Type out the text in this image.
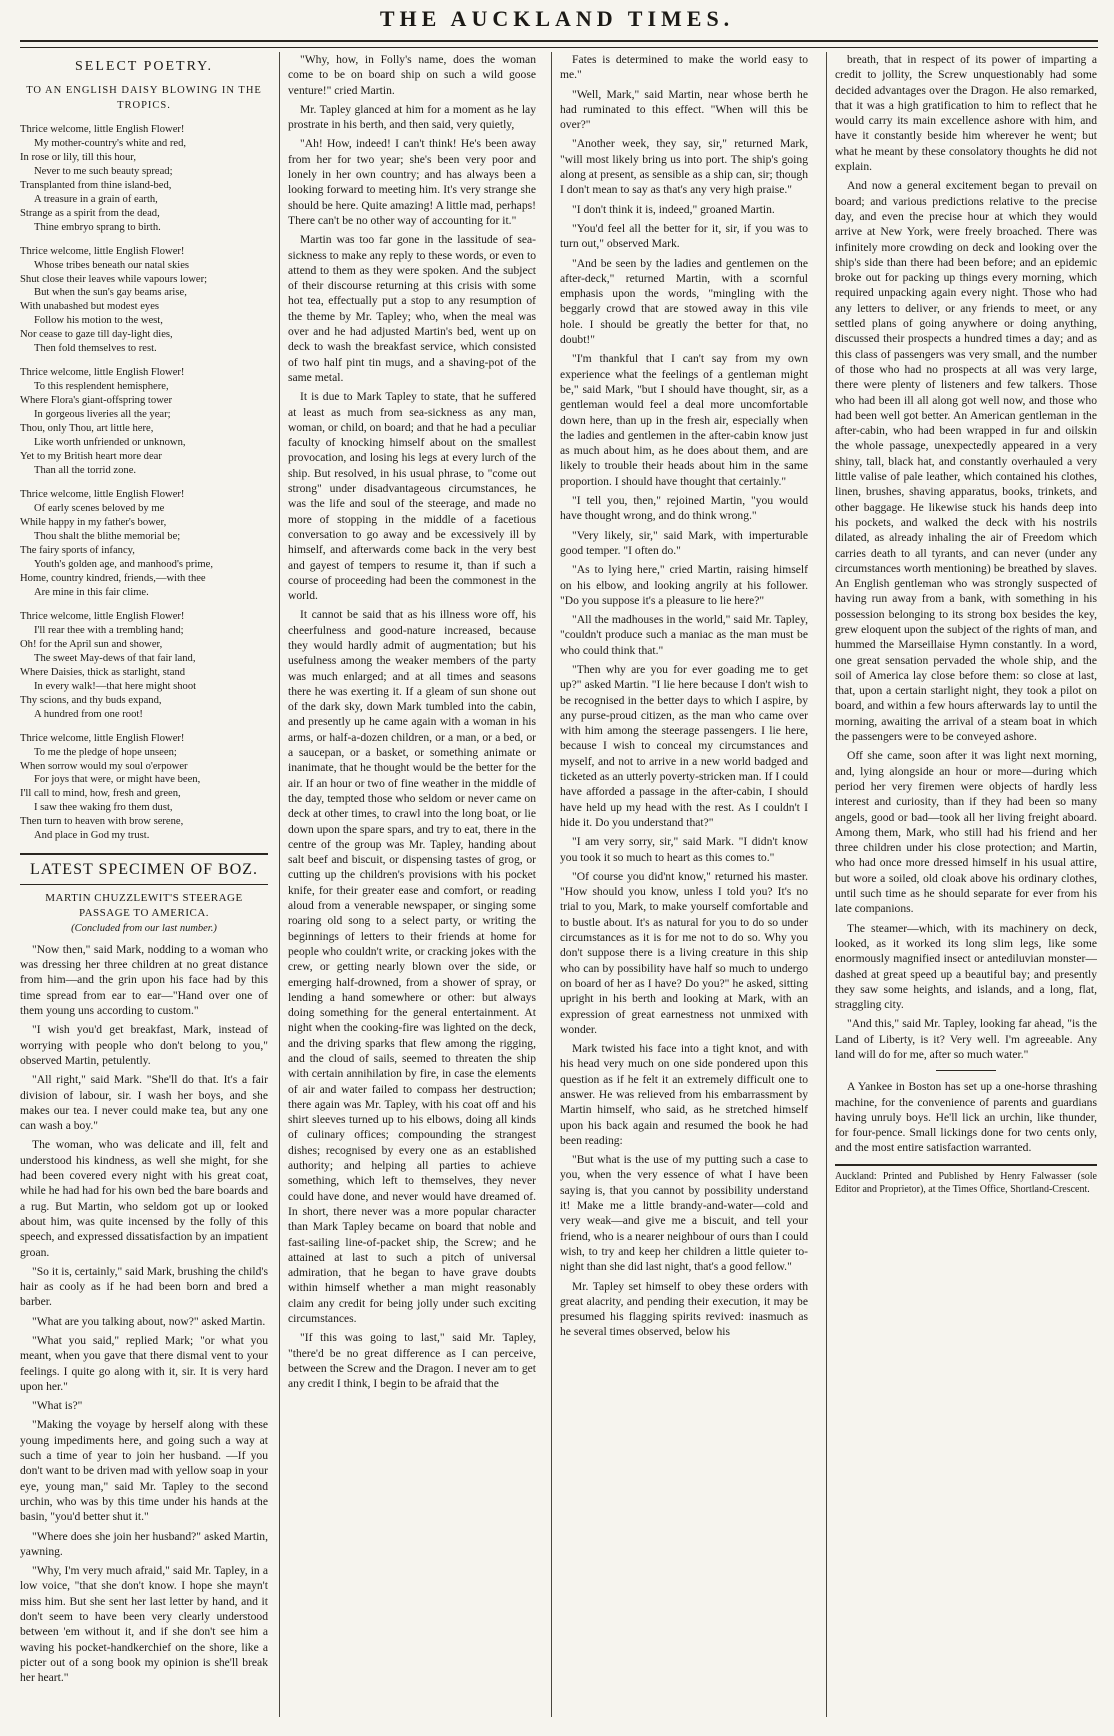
THE AUCKLAND TIMES.
SELECT POETRY.
TO AN ENGLISH DAISY BLOWING IN THE TROPICS.
Thrice welcome, little English Flower!
My mother-country's white and red,
In rose or lily, till this hour,
Never to me such beauty spread;
Transplanted from thine island-bed,
A treasure in a grain of earth,
Strange as a spirit from the dead,
Thine embryo sprang to birth.
Thrice welcome, little English Flower!
Whose tribes beneath our natal skies
Shut close their leaves while vapours lower;
But when the sun's gay beams arise,
With unabashed but modest eyes
Follow his motion to the west,
Nor cease to gaze till day-light dies,
Then fold themselves to rest.
Thrice welcome, little English Flower!
To this resplendent hemisphere,
Where Flora's giant-offspring tower
In gorgeous liveries all the year;
Thou, only Thou, art little here,
Like worth unfriended or unknown,
Yet to my British heart more dear
Than all the torrid zone.
Thrice welcome, little English Flower!
Of early scenes beloved by me
While happy in my father's bower,
Thou shalt the blithe memorial be;
The fairy sports of infancy,
Youth's golden age, and manhood's prime,
Home, country kindred, friends,—with thee
Are mine in this fair clime.
Thrice welcome, little English Flower!
I'll rear thee with a trembling hand;
Oh! for the April sun and shower,
The sweet May-dews of that fair land,
Where Daisies, thick as starlight, stand
In every walk!—that here might shoot
Thy scions, and thy buds expand,
A hundred from one root!
Thrice welcome, little English Flower!
To me the pledge of hope unseen;
When sorrow would my soul o'erpower
For joys that were, or might have been,
I'll call to mind, how, fresh and green,
I saw thee waking fro them dust,
Then turn to heaven with brow serene,
And place in God my trust.
LATEST SPECIMEN OF BOZ.
MARTIN CHUZZLEWIT'S STEERAGE PASSAGE TO AMERICA.
(Concluded from our last number.)

"Now then," said Mark, nodding to a woman who was dressing her three children at no great distance from him—and the grin upon his face had by this time spread from ear to ear—"Hand over one of them young uns according to custom."

"I wish you'd get breakfast, Mark, instead of worrying with people who don't belong to you," observed Martin, petulently.

"All right," said Mark. "She'll do that. It's a fair division of labour, sir. I wash her boys, and she makes our tea. I never could make tea, but any one can wash a boy."

The woman, who was delicate and ill, felt and understood his kindness, as well she might, for she had been covered every night with his great coat, while he had had for his own bed the bare boards and a rug. But Martin, who seldom got up or looked about him, was quite incensed by the folly of this speech, and expressed dissatisfaction by an impatient groan.

"So it is, certainly," said Mark, brushing the child's hair as cooly as if he had been born and bred a barber.

"What are you talking about, now?" asked Martin.

"What you said," replied Mark; "or what you meant, when you gave that there dismal vent to your feelings. I quite go along with it, sir. It is very hard upon her."

"What is?"

"Making the voyage by herself along with these young impediments here, and going such a way at such a time of year to join her husband. —If you don't want to be driven mad with yellow soap in your eye, young man," said Mr. Tapley to the second urchin, who was by this time under his hands at the basin, "you'd better shut it."

"Where does she join her husband?" asked Martin, yawning.

"Why, I'm very much afraid," said Mr. Tapley, in a low voice, "that she don't know. I hope she mayn't miss him. But she sent her last letter by hand, and it don't seem to have been very clearly understood between 'em without it, and if she don't see him a waving his pocket-handkerchief on the shore, like a picter out of a song book my opinion is she'll break her heart."

"Why, how, in Folly's name, does the woman come to be on board ship on such a wild goose venture!" cried Martin.

Mr. Tapley glanced at him for a moment as he lay prostrate in his berth, and then said, very quietly,

"Ah! How, indeed! I can't think! He's been away from her for two year; she's been very poor and lonely in her own country; and has always been a looking forward to meeting him. It's very strange she should be here. Quite amazing! A little mad, perhaps! There can't be no other way of accounting for it."

Martin was too far gone in the lassitude of sea-sickness to make any reply to these words, or even to attend to them as they were spoken. And the subject of their discourse returning at this crisis with some hot tea, effectually put a stop to any resumption of the theme by Mr. Tapley; who, when the meal was over and he had adjusted Martin's bed, went up on deck to wash the breakfast service, which consisted of two half pint tin mugs, and a shaving-pot of the same metal.

It is due to Mark Tapley to state, that he suffered at least as much from sea-sickness as any man, woman, or child, on board; and that he had a peculiar faculty of knocking himself about on the smallest provocation, and losing his legs at every lurch of the ship. But resolved, in his usual phrase, to "come out strong" under disadvantageous circumstances, he was the life and soul of the steerage, and made no more of stopping in the middle of a facetious conversation to go away and be excessively ill by himself, and afterwards come back in the very best and gayest of tempers to resume it, than if such a course of proceeding had been the commonest in the world.

It cannot be said that as his illness wore off, his cheerfulness and good-nature increased, because they would hardly admit of augmentation; but his usefulness among the weaker members of the party was much enlarged; and at all times and seasons there he was exerting it. If a gleam of sun shone out of the dark sky, down Mark tumbled into the cabin, and presently up he came again with a woman in his arms, or half-a-dozen children, or a man, or a bed, or a saucepan, or a basket, or something animate or inanimate, that he thought would be the better for the air. If an hour or two of fine weather in the middle of the day, tempted those who seldom or never came on deck at other times, to crawl into the long boat, or lie down upon the spare spars, and try to eat, there in the centre of the group was Mr. Tapley, handing about salt beef and biscuit, or dispensing tastes of grog, or cutting up the children's provisions with his pocket knife, for their greater ease and comfort, or reading aloud from a venerable newspaper, or singing some roaring old song to a select party, or writing the beginnings of letters to their friends at home for people who couldn't write, or cracking jokes with the crew, or getting nearly blown over the side, or emerging half-drowned, from a shower of spray, or lending a hand somewhere or other: but always doing something for the general entertainment. At night when the cooking-fire was lighted on the deck, and the driving sparks that flew among the rigging, and the cloud of sails, seemed to threaten the ship with certain annihilation by fire, in case the elements of air and water failed to compass her destruction; there again was Mr. Tapley, with his coat off and his shirt sleeves turned up to his elbows, doing all kinds of culinary offices; compounding the strangest dishes; recognised by every one as an established authority; and helping all parties to achieve something, which left to themselves, they never could have done, and never would have dreamed of. In short, there never was a more popular character than Mark Tapley became on board that noble and fast-sailing line-of-packet ship, the Screw; and he attained at last to such a pitch of universal admiration, that he began to have grave doubts within himself whether a man might reasonably claim any credit for being jolly under such exciting circumstances.

"If this was going to last," said Mr. Tapley, "there'd be no great difference as I can perceive, between the Screw and the Dragon. I never am to get any credit I think, I begin to be afraid that the

Fates is determined to make the world easy to me."

"Well, Mark," said Martin, near whose berth he had ruminated to this effect. "When will this be over?"

"Another week, they say, sir," returned Mark, "will most likely bring us into port. The ship's going along at present, as sensible as a ship can, sir; though I don't mean to say as that's any very high praise."

"I don't think it is, indeed," groaned Martin.

"You'd feel all the better for it, sir, if you was to turn out," observed Mark.

"And be seen by the ladies and gentlemen on the after-deck," returned Martin, with a scornful emphasis upon the words, "mingling with the beggarly crowd that are stowed away in this vile hole. I should be greatly the better for that, no doubt!"

"I'm thankful that I can't say from my own experience what the feelings of a gentleman might be," said Mark, "but I should have thought, sir, as a gentleman would feel a deal more uncomfortable down here, than up in the fresh air, especially when the ladies and gentlemen in the after-cabin know just as much about him, as he does about them, and are likely to trouble their heads about him in the same proportion. I should have thought that certainly."

"I tell you, then," rejoined Martin, "you would have thought wrong, and do think wrong."

"Very likely, sir," said Mark, with imperturable good temper. "I often do."

"As to lying here," cried Martin, raising himself on his elbow, and looking angrily at his follower. "Do you suppose it's a pleasure to lie here?"

"All the madhouses in the world," said Mr. Tapley, "couldn't produce such a maniac as the man must be who could think that."

"Then why are you for ever goading me to get up?" asked Martin. "I lie here because I don't wish to be recognised in the better days to which I aspire, by any purse-proud citizen, as the man who came over with him among the steerage passengers. I lie here, because I wish to conceal my circumstances and myself, and not to arrive in a new world badged and ticketed as an utterly poverty-stricken man. If I could have afforded a passage in the after-cabin, I should have held up my head with the rest. As I couldn't I hide it. Do you understand that?"

"I am very sorry, sir," said Mark. "I didn't know you took it so much to heart as this comes to."

"Of course you did'nt know," returned his master. "How should you know, unless I told you? It's no trial to you, Mark, to make yourself comfortable and to bustle about. It's as natural for you to do so under circumstances as it is for me not to do so. Why you don't suppose there is a living creature in this ship who can by possibility have half so much to undergo on board of her as I have? Do you?" he asked, sitting upright in his berth and looking at Mark, with an expression of great earnestness not unmixed with wonder.

Mark twisted his face into a tight knot, and with his head very much on one side pondered upon this question as if he felt it an extremely difficult one to answer. He was relieved from his embarrassment by Martin himself, who said, as he stretched himself upon his back again and resumed the book he had been reading:

"But what is the use of my putting such a case to you, when the very essence of what I have been saying is, that you cannot by possibility understand it! Make me a little brandy-and-water—cold and very weak—and give me a biscuit, and tell your friend, who is a nearer neighbour of ours than I could wish, to try and keep her children a little quieter to-night than she did last night, that's a good fellow."

Mr. Tapley set himself to obey these orders with great alacrity, and pending their execution, it may be presumed his flagging spirits revived: inasmuch as he several times observed, below his

breath, that in respect of its power of imparting a credit to jollity, the Screw unquestionably had some decided advantages over the Dragon. He also remarked, that it was a high gratification to him to reflect that he would carry its main excellence ashore with him, and have it constantly beside him wherever he went; but what he meant by these consolatory thoughts he did not explain.

And now a general excitement began to prevail on board; and various predictions relative to the precise day, and even the precise hour at which they would arrive at New York, were freely broached. There was infinitely more crowding on deck and looking over the ship's side than there had been before; and an epidemic broke out for packing up things every morning, which required unpacking again every night. Those who had any letters to deliver, or any friends to meet, or any settled plans of going anywhere or doing anything, discussed their prospects a hundred times a day; and as this class of passengers was very small, and the number of those who had no prospects at all was very large, there were plenty of listeners and few talkers. Those who had been ill all along got well now, and those who had been well got better. An American gentleman in the after-cabin, who had been wrapped in fur and oilskin the whole passage, unexpectedly appeared in a very shiny, tall, black hat, and constantly overhauled a very little valise of pale leather, which contained his clothes, linen, brushes, shaving apparatus, books, trinkets, and other baggage. He likewise stuck his hands deep into his pockets, and walked the deck with his nostrils dilated, as already inhaling the air of Freedom which carries death to all tyrants, and can never (under any circumstances worth mentioning) be breathed by slaves. An English gentleman who was strongly suspected of having run away from a bank, with something in his possession belonging to its strong box besides the key, grew eloquent upon the subject of the rights of man, and hummed the Marseillaise Hymn constantly. In a word, one great sensation pervaded the whole ship, and the soil of America lay close before them: so close at last, that, upon a certain starlight night, they took a pilot on board, and within a few hours afterwards lay to until the morning, awaiting the arrival of a steam boat in which the passengers were to be conveyed ashore.

Off she came, soon after it was light next morning, and, lying alongside an hour or more—during which period her very firemen were objects of hardly less interest and curiosity, than if they had been so many angels, good or bad—took all her living freight aboard. Among them, Mark, who still had his friend and her three children under his close protection; and Martin, who had once more dressed himself in his usual attire, but wore a soiled, old cloak above his ordinary clothes, until such time as he should separate for ever from his late companions.

The steamer—which, with its machinery on deck, looked, as it worked its long slim legs, like some enormously magnified insect or antediluvian monster—dashed at great speed up a beautiful bay; and presently they saw some heights, and islands, and a long, flat, straggling city.

"And this," said Mr. Tapley, looking far ahead, "is the Land of Liberty, is it? Very well. I'm agreeable. Any land will do for me, after so much water."

A Yankee in Boston has set up a one-horse thrashing machine, for the convenience of parents and guardians having unruly boys. He'll lick an urchin, like thunder, for four-pence. Small lickings done for two cents only, and the most entire satisfaction warranted.

Auckland: Printed and Published by Henry Falwasser (sole Editor and Proprietor), at the Times Office, Shortland-Crescent.
